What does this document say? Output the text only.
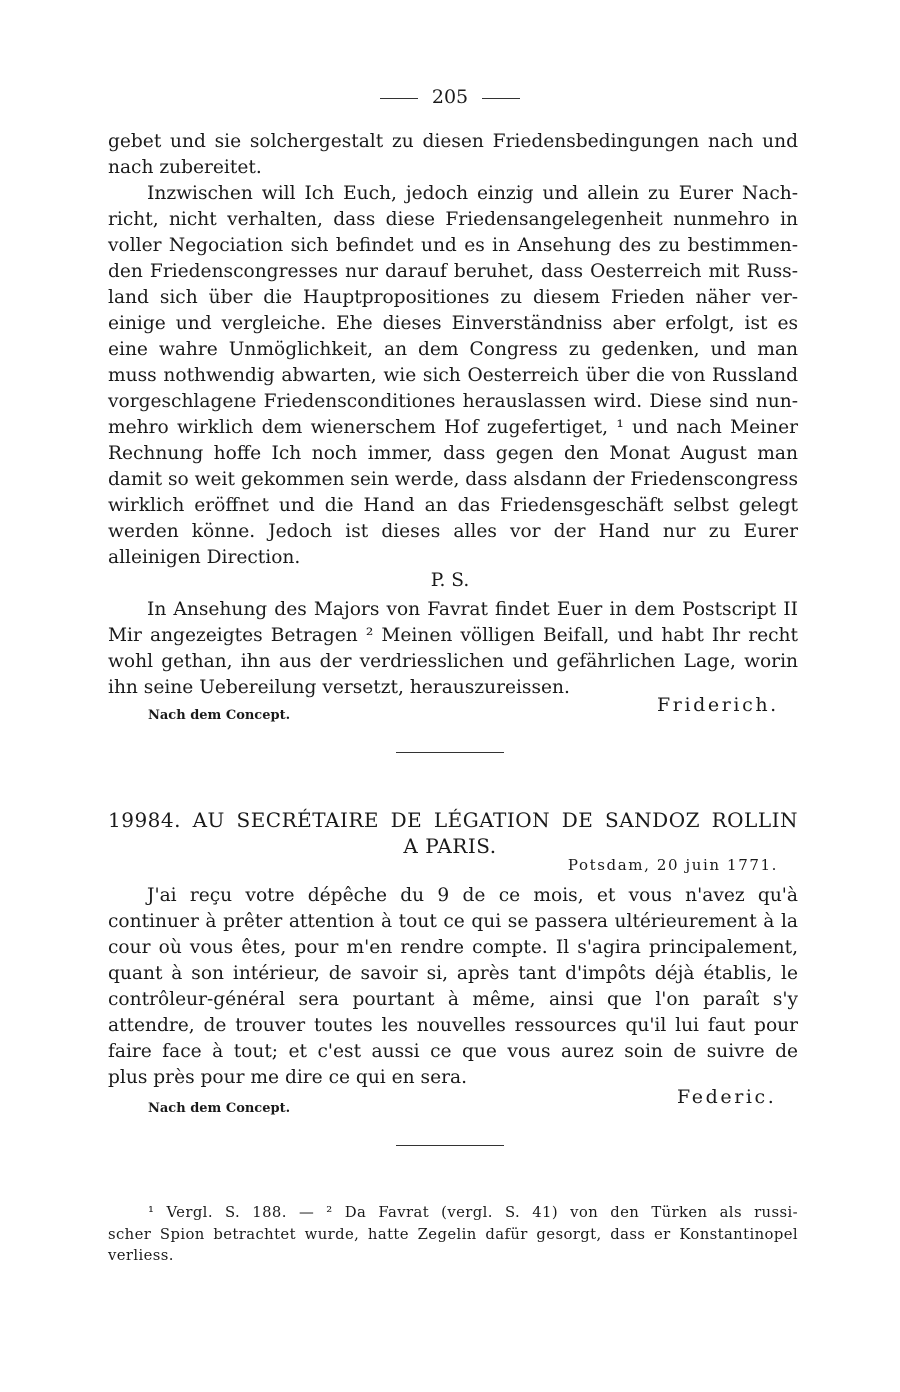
205
gebet und sie solchergestalt zu diesen Friedensbedingungen nach und
nach zubereitet.
Inzwischen will Ich Euch, jedoch einzig und allein zu Eurer Nach-
richt, nicht verhalten, dass diese Friedensangelegenheit nunmehro in
voller Negociation sich befindet und es in Ansehung des zu bestimmen-
den Friedenscongresses nur darauf beruhet, dass Oesterreich mit Russ-
land sich über die Hauptpropositiones zu diesem Frieden näher ver-
einige und vergleiche. Ehe dieses Einverständniss aber erfolgt, ist es
eine wahre Unmöglichkeit, an dem Congress zu gedenken, und man
muss nothwendig abwarten, wie sich Oesterreich über die von Russland
vorgeschlagene Friedensconditiones herauslassen wird. Diese sind nun-
mehro wirklich dem wienerschem Hof zugefertiget, ¹ und nach Meiner
Rechnung hoffe Ich noch immer, dass gegen den Monat August man
damit so weit gekommen sein werde, dass alsdann der Friedenscongress
wirklich eröffnet und die Hand an das Friedensgeschäft selbst gelegt
werden könne. Jedoch ist dieses alles vor der Hand nur zu Eurer
alleinigen Direction.
P. S.
In Ansehung des Majors von Favrat findet Euer in dem Postscript II
Mir angezeigtes Betragen ² Meinen völligen Beifall, und habt Ihr recht
wohl gethan, ihn aus der verdriesslichen und gefährlichen Lage, worin
ihn seine Uebereilung versetzt, herauszureissen.
Nach dem Concept.	Friderich.
19984. AU SECRÉTAIRE DE LÉGATION DE SANDOZ ROLLIN
A PARIS.
Potsdam, 20 juin 1771.
J'ai reçu votre dépêche du 9 de ce mois, et vous n'avez qu'à
continuer à prêter attention à tout ce qui se passera ultérieurement à la
cour où vous êtes, pour m'en rendre compte. Il s'agira principalement,
quant à son intérieur, de savoir si, après tant d'impôts déjà établis, le
contrôleur-général sera pourtant à même, ainsi que l'on paraît s'y
attendre, de trouver toutes les nouvelles ressources qu'il lui faut pour
faire face à tout; et c'est aussi ce que vous aurez soin de suivre de
plus près pour me dire ce qui en sera.
Nach dem Concept.
Federic.
¹ Vergl. S. 188. — ² Da Favrat (vergl. S. 41) von den Türken als russi-
scher Spion betrachtet wurde, hatte Zegelin dafür gesorgt, dass er Konstantinopel
verliess.
